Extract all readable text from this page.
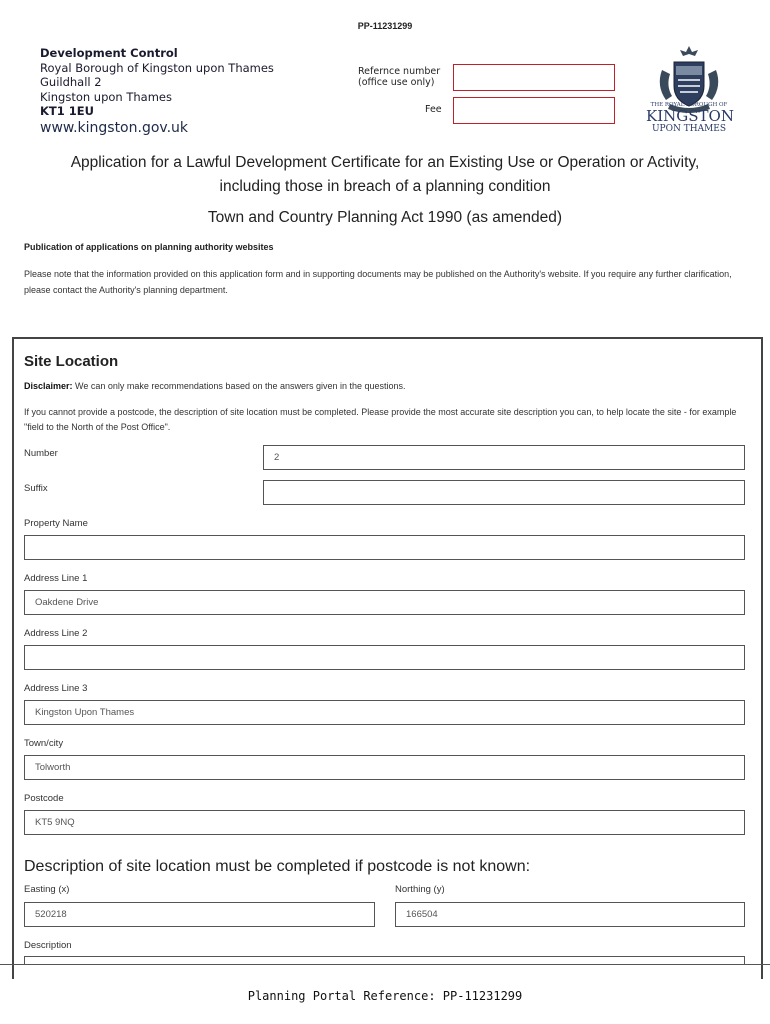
PP-11231299
Development Control
Royal Borough of Kingston upon Thames
Guildhall 2
Kingston upon Thames
KT1 1EU
www.kingston.gov.uk
Refernce number
(office use only)
Fee	THE ROYAL BOROUGH OF
KINGSTON
UPON THAMES
Application for a Lawful Development Certificate for an Existing Use or Operation or Activity,
including those in breach of a planning condition
Town and Country Planning Act 1990 (as amended)
Publication of applications on planning authority websites
Please note that the information provided on this application form and in supporting documents may be published on the Authority's website. If you require any further clarification, please contact the Authority's planning department.
Site Location
Disclaimer: We can only make recommendations based on the answers given in the questions.
If you cannot provide a postcode, the description of site location must be completed. Please provide the most accurate site description you can, to help locate the site - for example "field to the North of the Post Office".
Number	2
Suffix
Property Name
Address Line 1
Oakdene Drive
Address Line 2
Address Line 3
Kingston Upon Thames
Town/city
Tolworth
Postcode
KT5 9NQ
Description of site location must be completed if postcode is not known:
Easting (x)
520218
Northing (y)
166504
Description
Planning Portal Reference: PP-11231299
